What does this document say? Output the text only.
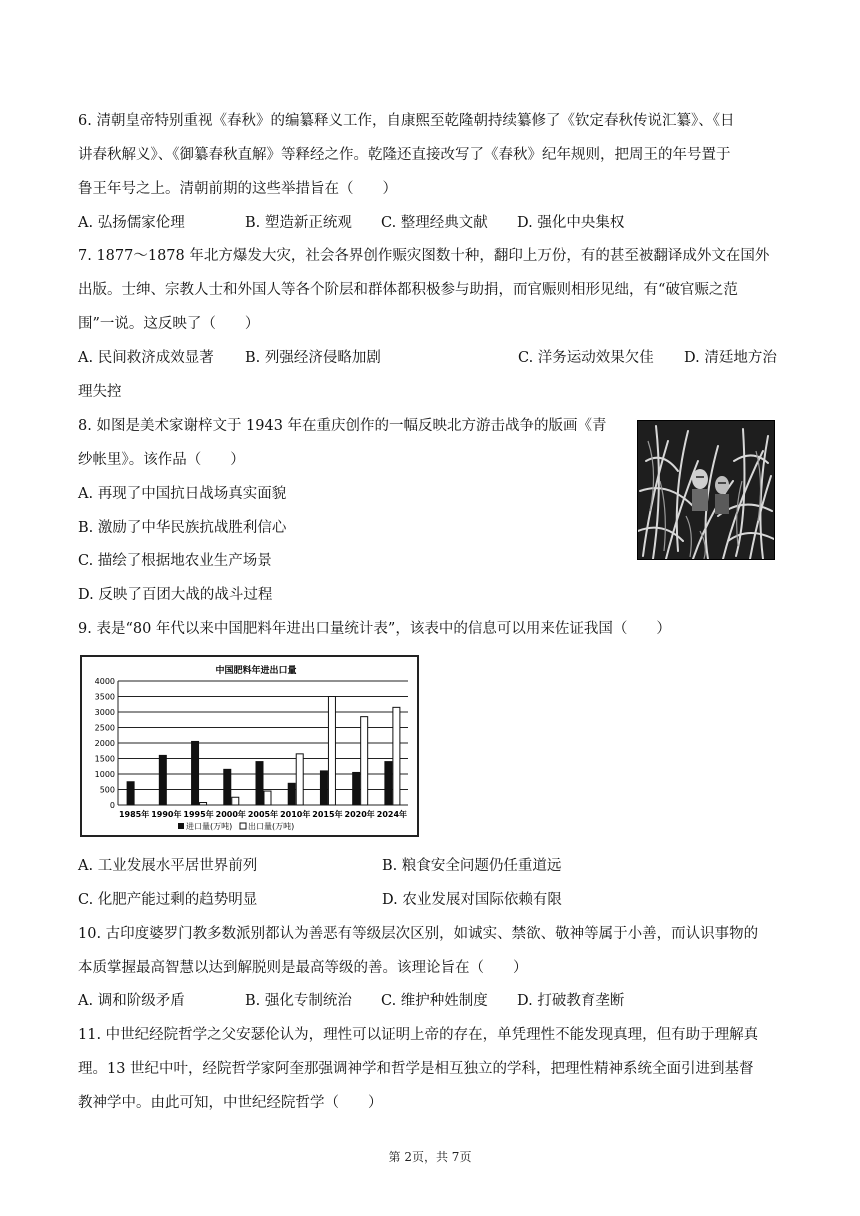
6. 清朝皇帝特别重视《春秋》的编纂释义工作，自康熙至乾隆朝持续纂修了《钦定春秋传说汇纂》、《日
讲春秋解义》、《御纂春秋直解》等释经之作。乾隆还直接改写了《春秋》纪年规则，把周王的年号置于
鲁王年号之上。清朝前期的这些举措旨在（　　）
A. 弘扬儒家伦理	B. 塑造新正统观 C. 整理经典文献 D. 强化中央集权
7. 1877～1878 年北方爆发大灾，社会各界创作赈灾图数十种，翻印上万份，有的甚至被翻译成外文在国外
出版。士绅、宗教人士和外国人等各个阶层和群体都积极参与助捐，而官赈则相形见绌，有“破官赈之范
围”一说。这反映了（　　）
A. 民间救济成效显著 B. 列强经济侵略加剧	C. 洋务运动效果欠佳 D. 清廷地方治
理失控
8. 如图是美术家谢梓文于 1943 年在重庆创作的一幅反映北方游击战争的版画《青
纱帐里》。该作品（　　）
A. 再现了中国抗日战场真实面貌
B. 激励了中华民族抗战胜利信心
C. 描绘了根据地农业生产场景
D. 反映了百团大战的战斗过程
9. 表是“80 年代以来中国肥料年进出口量统计表”，该表中的信息可以用来佐证我国（　　）
中国肥料年进出口量
0
500
1000
1500
2000
2500
3000
3500
4000
1985年 1990年 1995年 2000年 2005年 2010年 2015年 2020年 2024年
进口量(万吨) 出口量(万吨)
A. 工业发展水平居世界前列	B. 粮食安全问题仍任重道远
C. 化肥产能过剩的趋势明显	D. 农业发展对国际依赖有限
10. 古印度婆罗门教多数派别都认为善恶有等级层次区别，如诚实、禁欲、敬神等属于小善，而认识事物的
本质掌握最高智慧以达到解脱则是最高等级的善。该理论旨在（　　）
A. 调和阶级矛盾	B. 强化专制统治 C. 维护种姓制度 D. 打破教育垄断
11. 中世纪经院哲学之父安瑟伦认为，理性可以证明上帝的存在，单凭理性不能发现真理，但有助于理解真
理。13 世纪中叶，经院哲学家阿奎那强调神学和哲学是相互独立的学科，把理性精神系统全面引进到基督
教神学中。由此可知，中世纪经院哲学（　　）
第 2页，共 7页
